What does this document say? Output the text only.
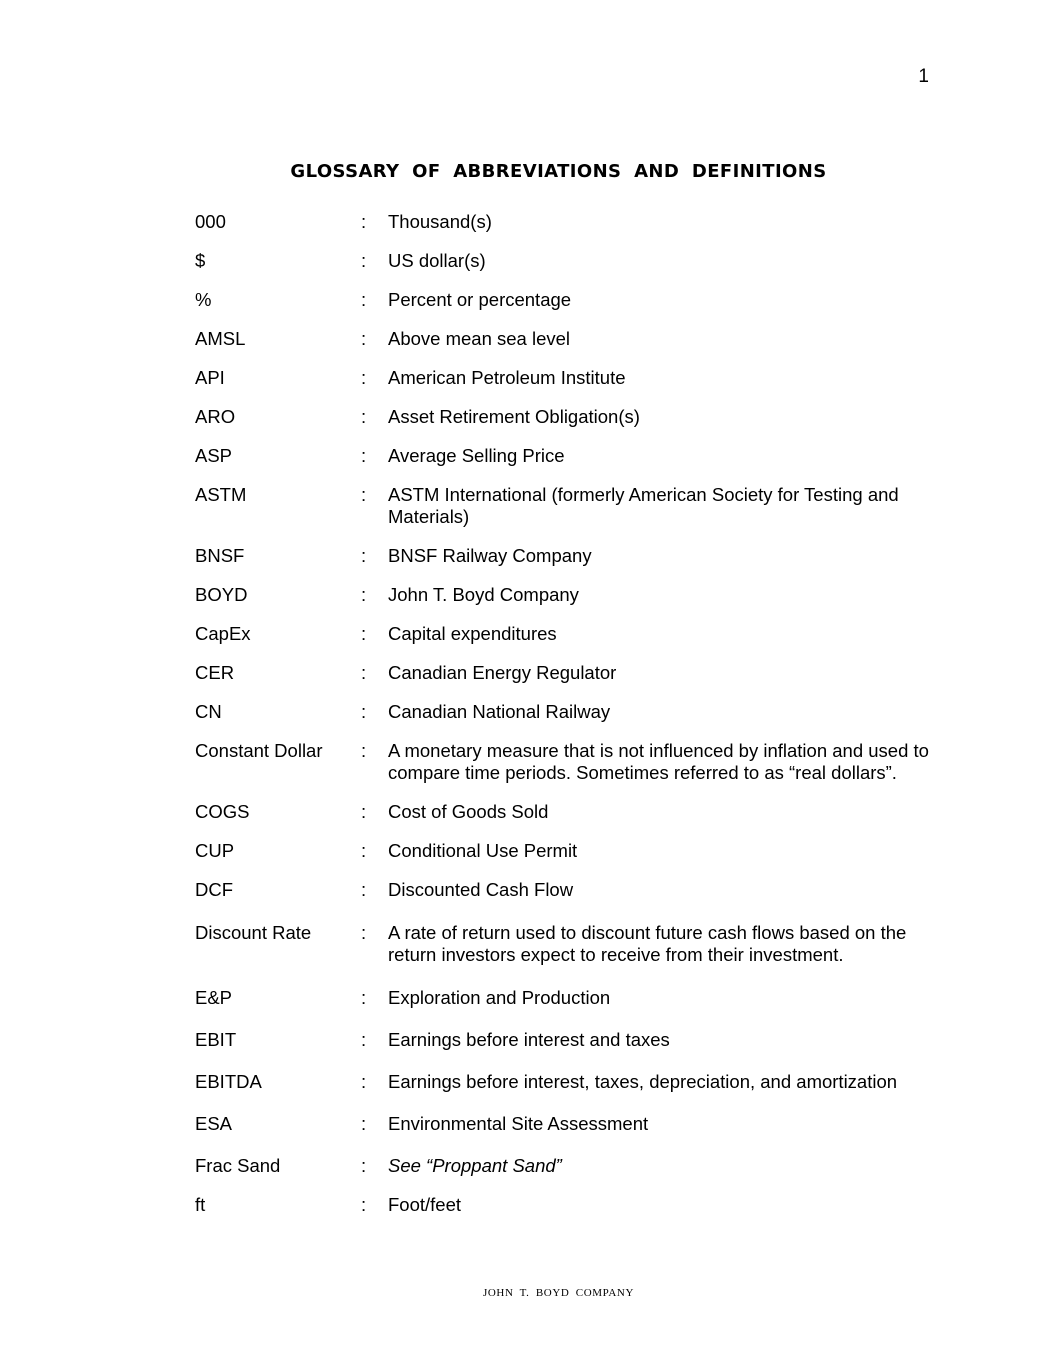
1
GLOSSARY OF ABBREVIATIONS AND DEFINITIONS
000	:	Thousand(s)
$	:	US dollar(s)
%	:	Percent or percentage
AMSL	:	Above mean sea level
API	:	American Petroleum Institute
ARO	:	Asset Retirement Obligation(s)
ASP	:	Average Selling Price
ASTM	:	ASTM International (formerly American Society for Testing and Materials)
BNSF	:	BNSF Railway Company
BOYD	:	John T. Boyd Company
CapEx	:	Capital expenditures
CER	:	Canadian Energy Regulator
CN	:	Canadian National Railway
Constant Dollar	:	A monetary measure that is not influenced by inflation and used to compare time periods. Sometimes referred to as “real dollars”.
COGS	:	Cost of Goods Sold
CUP	:	Conditional Use Permit
DCF	:	Discounted Cash Flow
Discount Rate	:	A rate of return used to discount future cash flows based on the return investors expect to receive from their investment.
E&P	:	Exploration and Production
EBIT	:	Earnings before interest and taxes
EBITDA	:	Earnings before interest, taxes, depreciation, and amortization
ESA	:	Environmental Site Assessment
Frac Sand	:	See “Proppant Sand”
ft	:	Foot/feet
JOHN T. BOYD COMPANY
